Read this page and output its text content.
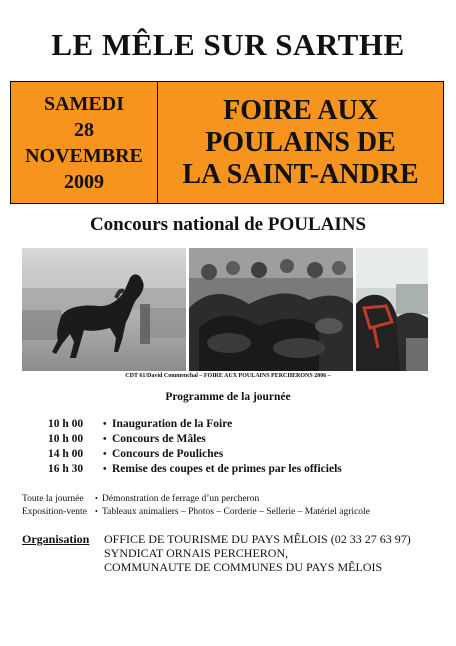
LE MÊLE SUR SARTHE
SAMEDI
28
NOVEMBRE
2009
FOIRE AUX
POULAINS DE
LA SAINT-ANDRE
Concours national de POULAINS
CDT 61/David Commenchal – FOIRE AUX POULAINS PERCHERONS 2006 –
Programme de la journée
10 h 00	• Inauguration de la Foire
10 h 00	• Concours de Mâles
14 h 00	• Concours de Pouliches
16 h 30	• Remise des coupes et de primes par les officiels
Toute la journée • Démonstration de ferrage d’un percheron
Exposition-vente • Tableaux animaliers – Photos – Corderie – Sellerie – Matériel agricole
Organisation OFFICE DE TOURISME DU PAYS MÊLOIS (02 33 27 63 97)
SYNDICAT ORNAIS PERCHERON,
COMMUNAUTE DE COMMUNES DU PAYS MÊLOIS
